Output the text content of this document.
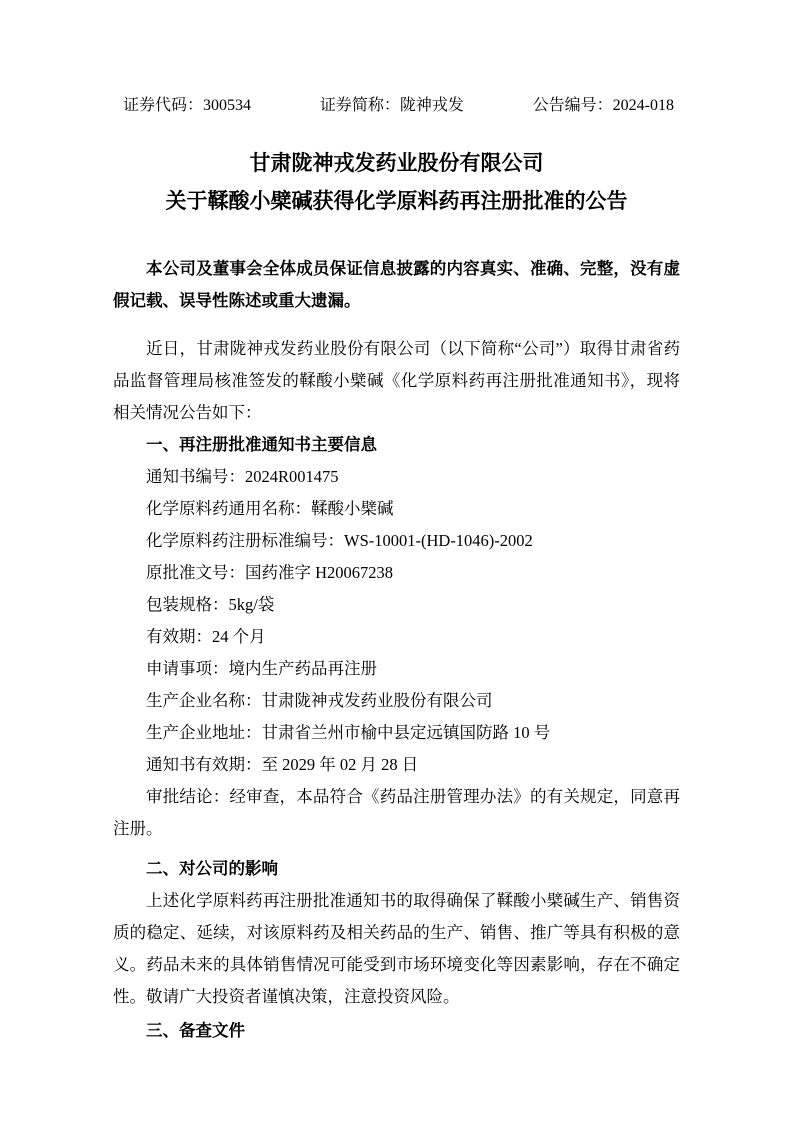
证券代码：300534	证券简称：陇神戎发	公告编号：2024-018

甘肃陇神戎发药业股份有限公司

关于鞣酸小檗碱获得化学原料药再注册批准的公告

本公司及董事会全体成员保证信息披露的内容真实、准确、完整，没有虚假记载、误导性陈述或重大遗漏。

近日，甘肃陇神戎发药业股份有限公司（以下简称“公司”）取得甘肃省药品监督管理局核准签发的鞣酸小檗碱《化学原料药再注册批准通知书》，现将相关情况公告如下：

一、再注册批准通知书主要信息

通知书编号：2024R001475

化学原料药通用名称：鞣酸小檗碱

化学原料药注册标准编号：WS-10001-(HD-1046)-2002

原批准文号：国药准字 H20067238

包装规格：5kg/袋

有效期：24 个月

申请事项：境内生产药品再注册

生产企业名称：甘肃陇神戎发药业股份有限公司

生产企业地址：甘肃省兰州市榆中县定远镇国防路 10 号

通知书有效期：至 2029 年 02 月 28 日

审批结论：经审查，本品符合《药品注册管理办法》的有关规定，同意再注册。

二、对公司的影响

上述化学原料药再注册批准通知书的取得确保了鞣酸小檗碱生产、销售资质的稳定、延续，对该原料药及相关药品的生产、销售、推广等具有积极的意义。药品未来的具体销售情况可能受到市场环境变化等因素影响，存在不确定性。敬请广大投资者谨慎决策，注意投资风险。

三、备查文件
